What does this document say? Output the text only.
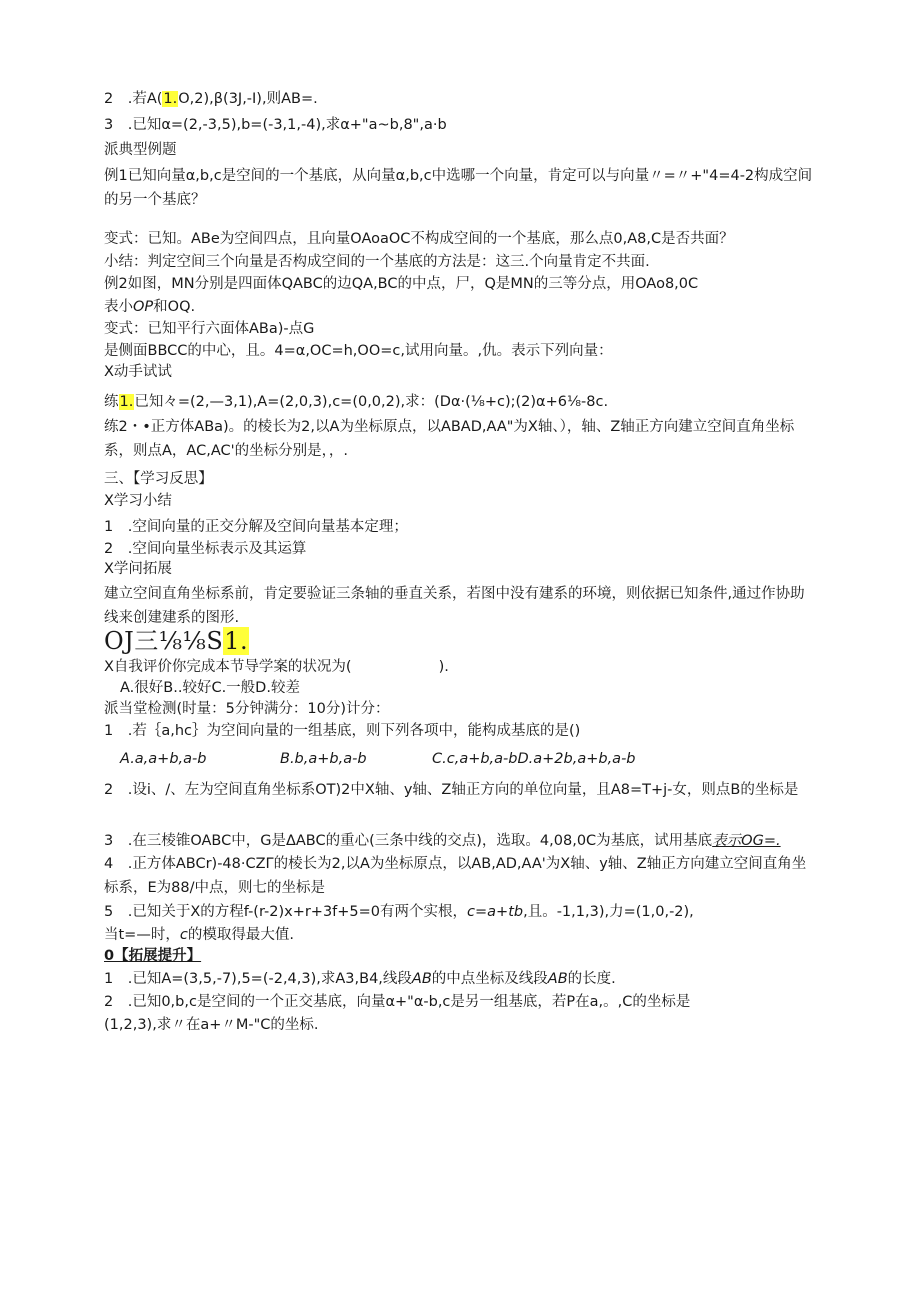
2　.若A(1.O,2),β(3J,-I),则AB=.
3　.已知α=(2,-3,5),b=(-3,1,-4),求α+"a~b,8",a·b
派典型例题
例1已知向量α,b,c是空间的一个基底，从向量α,b,c中选哪一个向量，肯定可以与向量〃=〃+"4=4-2构成空间的另一个基底？
变式：已知。ABe为空间四点，且向量OAoaOC不构成空间的一个基底，那么点0,A8,C是否共面？
小结：判定空间三个向量是否构成空间的一个基底的方法是：这三.个向量肯定不共面.
例2如图，MN分别是四面体QABC的边QA,BC的中点，尸，Q是MN的三等分点，用OAo8,0C
表小OP和OQ.
变式：已知平行六面体ABa)-点G
是侧面BBCC的中心，且。4=α,OC=h,OO=c,试用向量。,仇。表示下列向量：
X动手试试
练1.已知々=(2,—3,1),A=(2,0,3),c=(0,0,2),求：(Dα·(⅛+c);(2)α+6⅛-8c.
练2・•正方体ABa)。的棱长为2,以A为坐标原点，以ABAD,AA"为X轴、），轴、Z轴正方向建立空间直角坐标系，则点A，AC,AC'的坐标分别是，，.
三、【学习反思】
X学习小结
1　.空间向量的正交分解及空间向量基本定理；
2　.空间向量坐标表示及其运算
X学问拓展
建立空间直角坐标系前，肯定要验证三条轴的垂直关系，若图中没有建系的环境，则依据已知条件,通过作协助线来创建建系的图形.
OJ三⅛⅛S1.
X自我评价你完成本节导学案的状况为(　　　　　　).
A.很好B..较好C.一般D.较差
派当堂检测(时量：5分钟满分：10分)计分：
1　.若｛a,hc｝为空间向量的一组基底，则下列各项中，能构成基底的是()
A.a,a+b,a-b	B.b,a+b,a-b	C.c,a+b,a-bD.a+2b,a+b,a-b
2　.设i、/、左为空间直角坐标系OT)2中X轴、y轴、Z轴正方向的单位向量，且A8=T+j-女，则点B的坐标是
3　.在三棱锥OABC中，G是ΔABC的重心(三条中线的交点)，选取。4,08,0C为基底，试用基底表示OG=.
4　.正方体ABCr)-48·CZΓ的棱长为2,以A为坐标原点，以AB,AD,AA'为X轴、y轴、Z轴正方向建立空间直角坐标系，E为88/中点，则七的坐标是
5　.已知关于X的方程f-(r-2)x+r+3f+5=0有两个实根，c=a+tb,且。-1,1,3),力=(1,0,-2),
当t=—时，c的模取得最大值.
0【拓展提升】
1　.已知A=(3,5,-7),5=(-2,4,3),求A3,B4,线段AB的中点坐标及线段AB的长度.
2　.已知0,b,c是空间的一个正交基底，向量α+"α-b,c是另一组基底，若P在a,。,C的坐标是
(1,2,3),求〃在a+〃M-"C的坐标.
